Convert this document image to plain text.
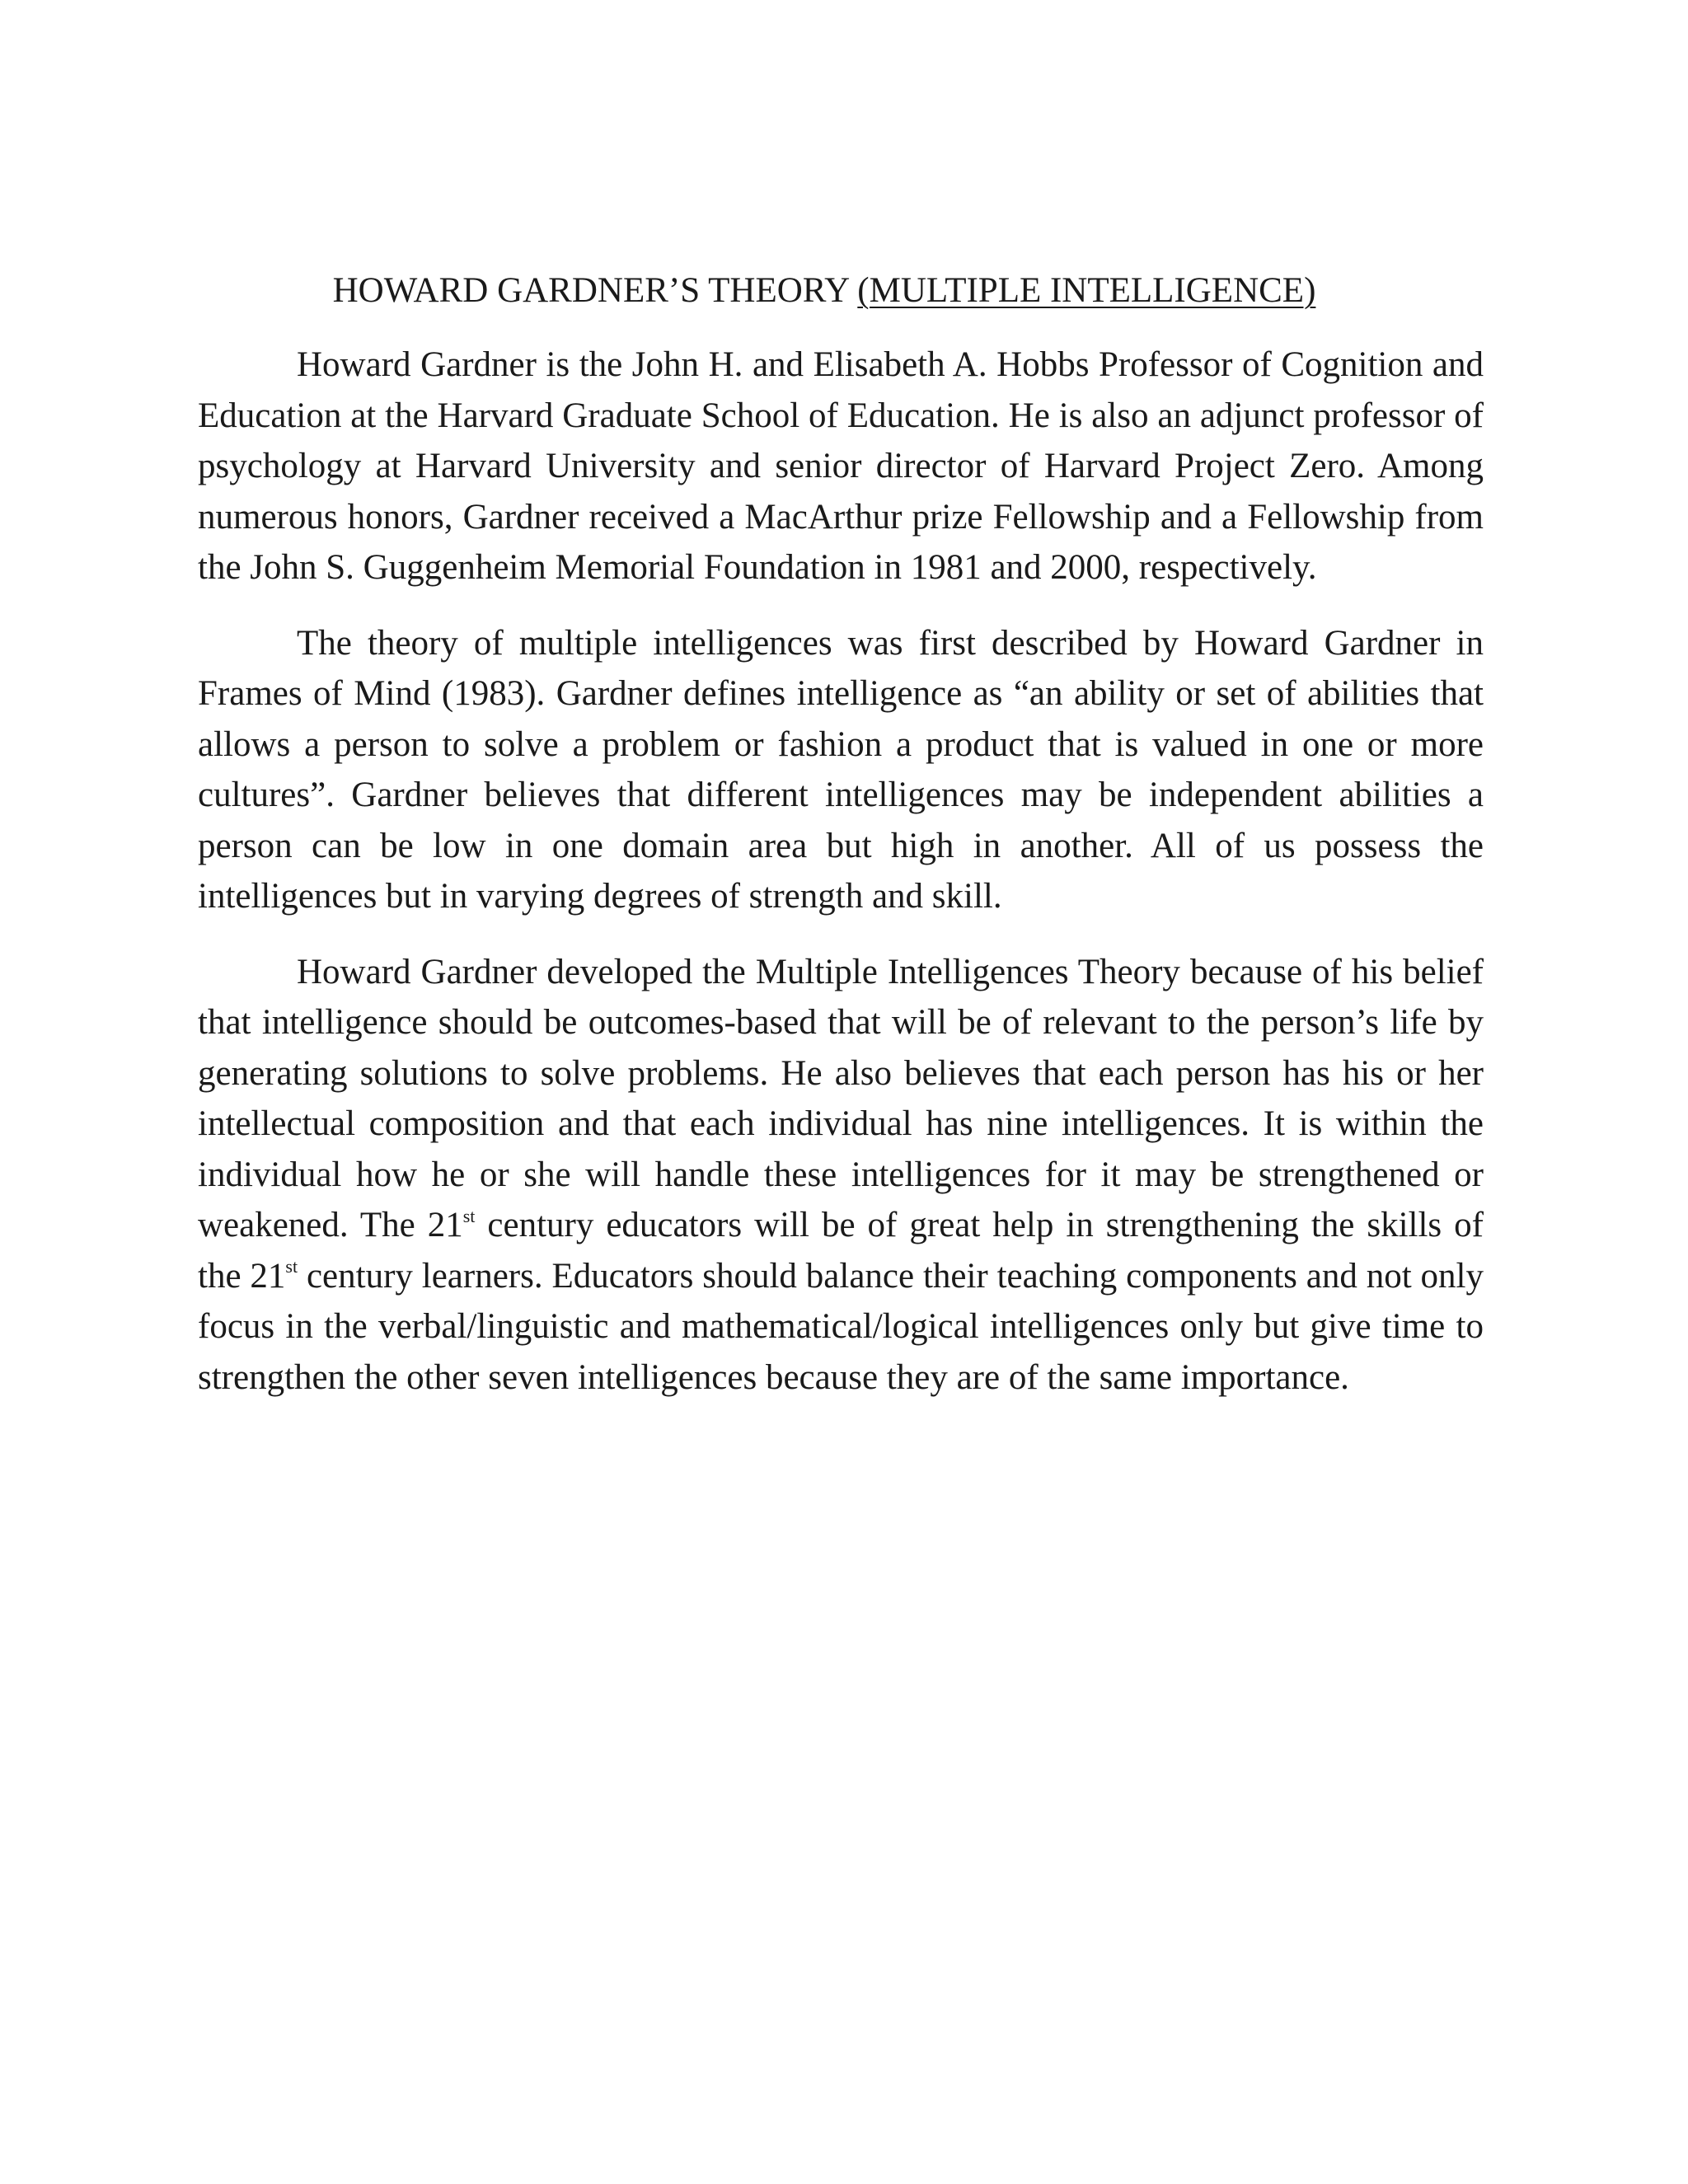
HOWARD GARDNER’S THEORY (MULTIPLE INTELLIGENCE)

Howard Gardner is the John H. and Elisabeth A. Hobbs Professor of Cognition and Education at the Harvard Graduate School of Education. He is also an adjunct professor of psychology at Harvard University and senior director of Harvard Project Zero. Among numerous honors, Gardner received a MacArthur prize Fellowship and a Fellowship from the John S. Guggenheim Memorial Foundation in 1981 and 2000, respectively.

The theory of multiple intelligences was first described by Howard Gardner in Frames of Mind (1983). Gardner defines intelligence as “an ability or set of abilities that allows a person to solve a problem or fashion a product that is valued in one or more cultures”. Gardner believes that different intelligences may be independent abilities a person can be low in one domain area but high in another. All of us possess the intelligences but in varying degrees of strength and skill.

Howard Gardner developed the Multiple Intelligences Theory because of his belief that intelligence should be outcomes-based that will be of relevant to the person’s life by generating solutions to solve problems. He also believes that each person has his or her intellectual composition and that each individual has nine intelligences. It is within the individual how he or she will handle these intelligences for it may be strengthened or weakened. The 21st century educators will be of great help in strengthening the skills of the 21st century learners. Educators should balance their teaching components and not only focus in the verbal/linguistic and mathematical/logical intelligences only but give time to strengthen the other seven intelligences because they are of the same importance.
